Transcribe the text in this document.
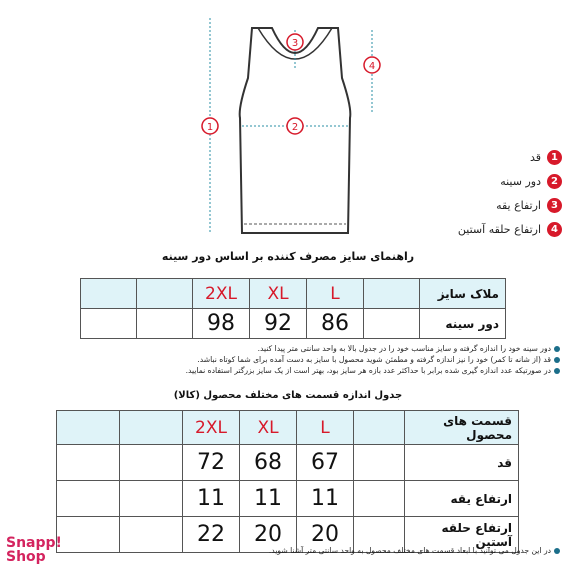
1	2
3
4
1
قد
2
دور سینه
3
ارتفاع یقه
4
ارتفاع حلقه آستین
راهنمای سایز مصرف کننده بر اساس دور سینه
		2XL	XL	L		ملاک سایز
		98	92	86		دور سینه
دور سینه خود را اندازه گرفته و سایز مناسب خود را در جدول بالا به واحد سانتی متر پیدا کنید.
قد (از شانه تا کمر) خود را نیز اندازه گرفته و مطمئن شوید محصول با سایز به دست آمده برای شما کوتاه نباشد.
در صورتیکه عدد اندازه گیری شده برابر با حداکثر عدد بازه هر سایز بود، بهتر است از یک سایز بزرگتر استفاده نمایید.
جدول اندازه قسمت های مختلف محصول (کالا)
		2XL	XL	L		قسمت های محصول
		72	68	67		قد
		11	11	11		ارتفاع یقه
		22	20	20		ارتفاع حلقه آستین
در این جدول می توانید با ابعاد قسمت های مختلف محصول به واحد سانتی متر آشنا شوید.
Snapp!
Shop
